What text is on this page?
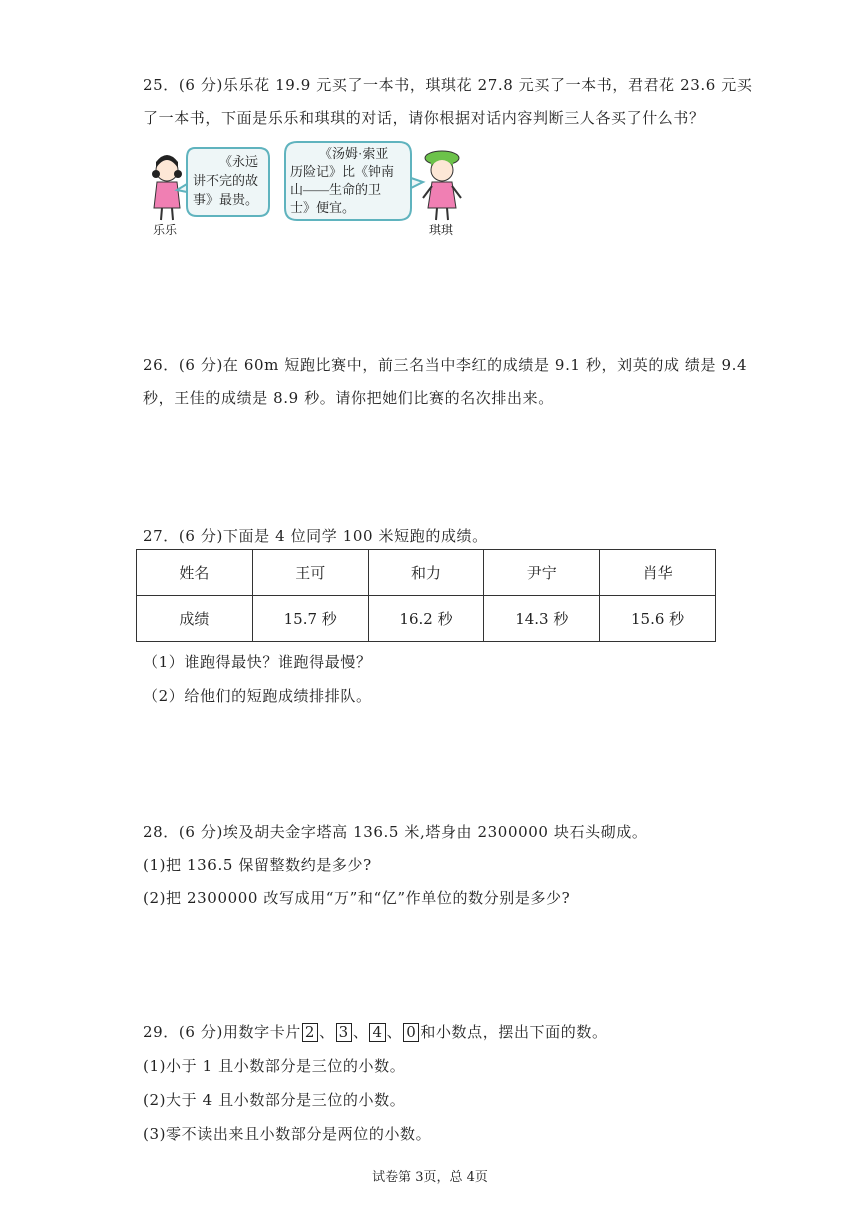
25．(6 分)乐乐花 19.9 元买了一本书，琪琪花 27.8 元买了一本书，君君花 23.6 元买
了一本书，下面是乐乐和琪琪的对话，请你根据对话内容判断三人各买了什么书？
乐乐
《永远
讲不完的故
事》最贵。
《汤姆·索亚
历险记》比《钟南
山——生命的卫
士》便宜。
琪琪
26．(6 分)在 60m 短跑比赛中，前三名当中李红的成绩是 9.1 秒，刘英的成 绩是 9.4
秒，王佳的成绩是 8.9 秒。请你把她们比赛的名次排出来。
27．(6 分)下面是 4 位同学 100 米短跑的成绩。
姓名	王可	和力	尹宁	肖华
成绩	15.7 秒	16.2 秒	14.3 秒	15.6 秒
（1）谁跑得最快？谁跑得最慢？
（2）给他们的短跑成绩排排队。
28．(6 分)埃及胡夫金字塔高 136.5 米,塔身由 2300000 块石头砌成。
(1)把 136.5 保留整数约是多少?
(2)把 2300000 改写成用“万”和“亿”作单位的数分别是多少?
29．(6 分)用数字卡片 2 、 3 、 4 、 0 和小数点，摆出下面的数。
(1)小于 1 且小数部分是三位的小数。
(2)大于 4 且小数部分是三位的小数。
(3)零不读出来且小数部分是两位的小数。
试卷第 3页，总 4页
